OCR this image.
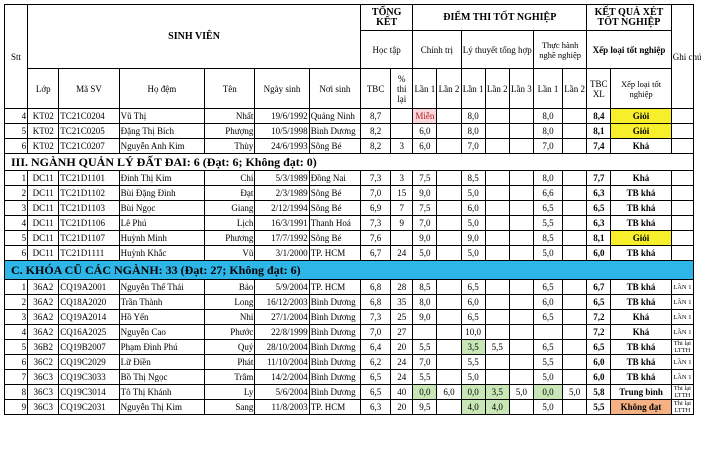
Stt	SINH VIÊN						TỔNG KẾT		ĐIỂM THI TỐT NGHIỆP							KẾT QUẢ XÉT TỐT NGHIỆP		Ghi chú
							Học tập		Chính trị		Lý thuyết tổng hợp			Thực hành nghề nghiệp		Xếp loại tốt nghiệp		
	Lớp	Mã SV	Họ đệm	Tên	Ngày sinh	Nơi sinh	TBC	% thi lại	Lần 1	Lần 2	Lần 1	Lần 2	Lần 3	Lần 1	Lần 2	TBC XL	Xếp loại tốt nghiệp	
4	KT02	TC21C0204	Vũ Thị	Nhất	19/6/1992	Quảng Ninh	8,7		Miễn		8,0			8,0		8,4	Giỏi	
5	KT02	TC21C0205	Đặng Thị Bích	Phượng	10/5/1998	Bình Dương	8,2		6,0		8,0			8,0		8,1	Giỏi	
6	KT02	TC21C0207	Nguyễn Anh Kim	Thùy	24/6/1993	Sông Bé	8,2	3	6,0		7,0			7,0		7,4	Khá	
III. NGÀNH QUẢN LÝ ĐẤT ĐAI: 6 (Đạt: 6; Không đạt: 0)																		
1	DC11	TC21D1101	Đinh Thị Kim	Chi	5/3/1989	Đồng Nai	7,3	3	7,5		8,5			8,0		7,7	Khá	
2	DC11	TC21D1102	Bùi Đặng Đình	Đạt	2/3/1989	Sông Bé	7,0	15	9,0		5,0			6,6		6,3	TB khá	
3	DC11	TC21D1103	Bùi Ngọc	Giang	2/12/1994	Sông Bé	6,9	7	7,5		6,0			6,5		6,5	TB khá	
4	DC11	TC21D1106	Lê Phú	Lịch	16/3/1991	Thanh Hoá	7,3	9	7,0		5,0			5,5		6,3	TB khá	
5	DC11	TC21D1107	Huỳnh Minh	Phương	17/7/1992	Sông Bé	7,6		9,0		9,0			8,5		8,1	Giỏi	
6	DC11	TC21D1111	Huỳnh Khắc	Vũ	3/1/2000	TP. HCM	6,7	24	5,0		5,0			5,0		6,0	TB khá	
C. KHÓA CŨ CÁC NGÀNH: 33 (Đạt: 27; Không đạt: 6)																		
1	36A2	CQ19A2001	Nguyễn Thế Thái	Bảo	5/9/2004	TP. HCM	6,8	28	8,5		6,5			6,5		6,7	TB khá	LẦN 1
2	36A2	CQ18A2020	Trần Thành	Long	16/12/2003	Bình Dương	6,8	35	8,0		6,0			6,0		6,5	TB khá	LẦN 1
3	36A2	CQ19A2014	Hồ Yến	Nhi	27/1/2004	Bình Dương	7,3	25	9,0		6,5			6,5		7,2	Khá	LẦN 1
4	36A2	CQ16A2025	Nguyễn Cao	Phước	22/8/1999	Bình Dương	7,0	27			10,0					7,2	Khá	LẦN 1
5	36B2	CQ19B2007	Phạm Đình Phú	Quý	28/10/2004	Bình Dương	6,4	20	5,5		3,5	5,5		6,5		6,5	TB khá	Thi lại LTTH
6	36C2	CQ19C2029	Lữ Điền	Phát	11/10/2004	Bình Dương	6,2	24	7,0		5,5			5,5		6,0	TB khá	LẦN 1
7	36C3	CQ19C3033	Bồ Thị Ngọc	Trâm	14/2/2004	Bình Dương	6,5	24	5,5		5,0			5,0		6,0	TB khá	LẦN 1
8	36C3	CQ19C3014	Tô Thị Khánh	Ly	5/6/2004	Bình Dương	6,5	40	0,0	6,0	0,0	3,5	5,0	0,0	5,0	5,8	Trung bình	Thi lại LTTH
9	36C3	CQ19C2031	Nguyễn Thị Kim	Sang	11/8/2003	TP. HCM	6,3	20	9,5		4,0	4,0		5,0		5,5	Không đạt	Thi lại LTTH
